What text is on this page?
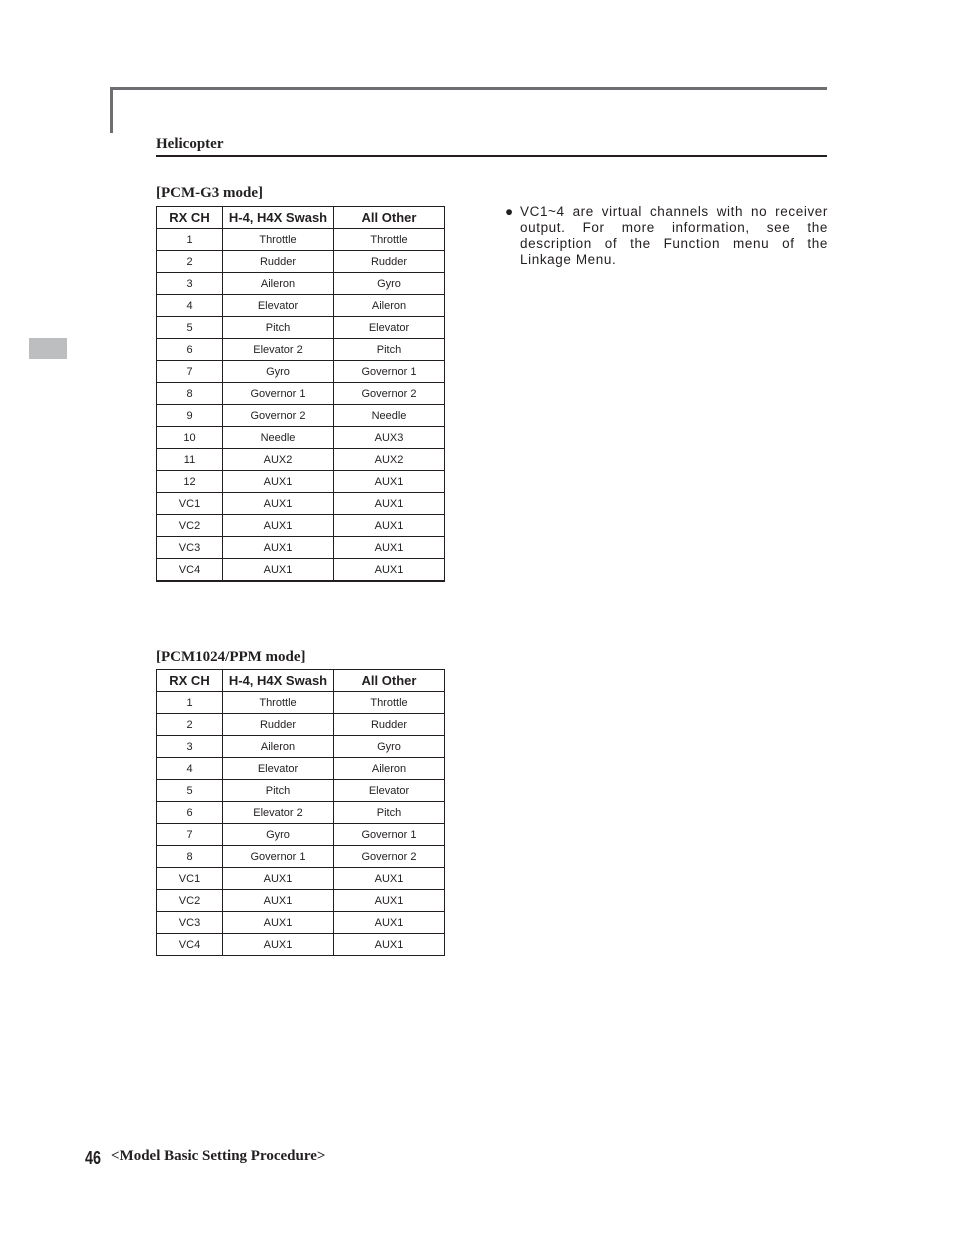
Helicopter
[PCM-G3 mode]
RX CH	H-4, H4X Swash	All Other
1	Throttle	Throttle
2	Rudder	Rudder
3	Aileron	Gyro
4	Elevator	Aileron
5	Pitch	Elevator
6	Elevator 2	Pitch
7	Gyro	Governor 1
8	Governor 1	Governor 2
9	Governor 2	Needle
10	Needle	AUX3
11	AUX2	AUX2
12	AUX1	AUX1
VC1	AUX1	AUX1
VC2	AUX1	AUX1
VC3	AUX1	AUX1
VC4	AUX1	AUX1
[PCM1024/PPM mode]
RX CH	H-4, H4X Swash	All Other
1	Throttle	Throttle
2	Rudder	Rudder
3	Aileron	Gyro
4	Elevator	Aileron
5	Pitch	Elevator
6	Elevator 2	Pitch
7	Gyro	Governor 1
8	Governor 1	Governor 2
VC1	AUX1	AUX1
VC2	AUX1	AUX1
VC3	AUX1	AUX1
VC4	AUX1	AUX1
● VC1~4 are virtual channels with no receiver output. For more information, see the description of the Function menu of the Linkage Menu.
46 <Model Basic Setting Procedure>
